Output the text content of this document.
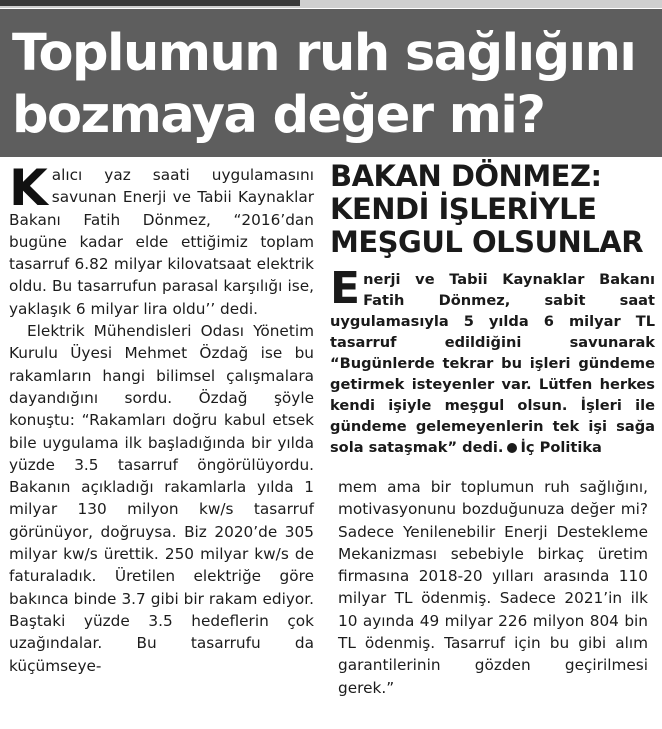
Toplumun ruh sağlığını
bozmaya değer mi?

Kalıcı yaz saati uygulamasını savunan Enerji ve Tabii Kaynaklar Bakanı Fatih Dönmez, “2016’dan bugüne kadar elde ettiğimiz toplam tasarruf 6.82 milyar kilovatsaat elektrik oldu. Bu tasarrufun parasal karşılığı ise, yaklaşık 6 milyar lira oldu’’ dedi.

Elektrik Mühendisleri Odası Yönetim Kurulu Üyesi Mehmet Özdağ ise bu rakamların hangi bilimsel çalışmalara dayandığını sordu. Özdağ şöyle konuştu: “Rakamları doğru kabul etsek bile uygulama ilk başladığında bir yılda yüzde 3.5 tasarruf öngörülüyordu. Bakanın açıkladığı rakamlarla yılda 1 milyar 130 milyon kw/s tasarruf görünüyor, doğruysa. Biz 2020’de 305 milyar kw/s ürettik. 250 milyar kw/s de faturaladık. Üretilen elektriğe göre bakınca binde 3.7 gibi bir rakam ediyor. Baştaki yüzde 3.5 hedeflerin çok uzağındalar. Bu tasarrufu da küçümseye-

BAKAN DÖNMEZ:
KENDİ İŞLERİYLE
MEŞGUL OLSUNLAR
Enerji ve Tabii Kaynaklar Bakanı Fatih Dönmez, sabit saat uygulamasıyla 5 yılda 6 milyar TL tasarruf edildiğini savunarak “Bugünlerde tekrar bu işleri gündeme getirmek isteyenler var. Lütfen herkes kendi işiyle meşgul olsun. İşleri ile gündeme gelemeyenlerin tek işi sağa sola sataşmak” dedi. İç Politika

mem ama bir toplumun ruh sağlığını, motivasyonunu bozduğunuza değer mi? Sadece Yenilenebilir Enerji Destekleme Mekanizması sebebiyle birkaç üretim firmasına 2018-20 yılları arasında 110 milyar TL ödenmiş. Sadece 2021’in ilk 10 ayında 49 milyar 226 milyon 804 bin TL ödenmiş. Tasarruf için bu gibi alım garantilerinin gözden geçirilmesi gerek.”
